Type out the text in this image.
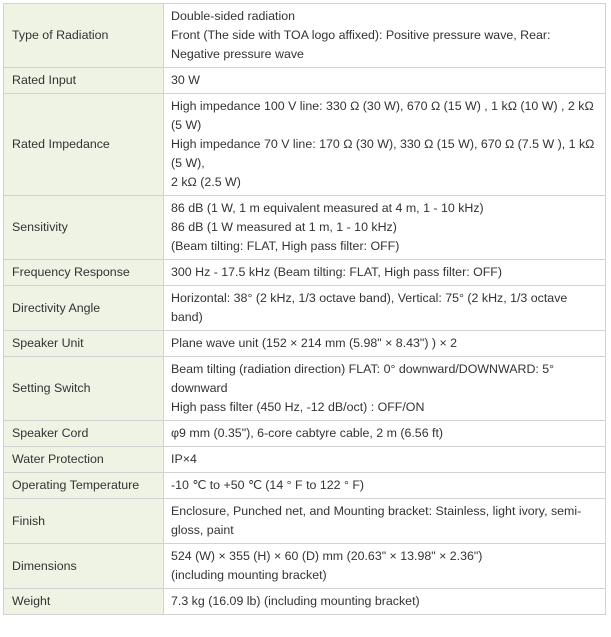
Type of Radiation	Double-sided radiation
Front (The side with TOA logo affixed): Positive pressure wave, Rear: Negative pressure wave

Rated Input	30 W

Rated Impedance	High impedance 100 V line: 330 Ω (30 W), 670 Ω (15 W) , 1 kΩ (10 W) , 2 kΩ (5 W)
High impedance 70 V line: 170 Ω (30 W), 330 Ω (15 W), 670 Ω (7.5 W ), 1 kΩ (5 W),
2 kΩ (2.5 W)

Sensitivity	86 dB (1 W, 1 m equivalent measured at 4 m, 1 - 10 kHz)
86 dB (1 W measured at 1 m, 1 - 10 kHz)
(Beam tilting: FLAT, High pass filter: OFF)

Frequency Response	300 Hz - 17.5 kHz (Beam tilting: FLAT, High pass filter: OFF)

Directivity Angle	Horizontal: 38° (2 kHz, 1/3 octave band), Vertical: 75° (2 kHz, 1/3 octave band)

Speaker Unit	Plane wave unit (152 × 214 mm (5.98" × 8.43") ) × 2

Setting Switch	Beam tilting (radiation direction) FLAT: 0° downward/DOWNWARD: 5° downward
High pass filter (450 Hz, -12 dB/oct) : OFF/ON

Speaker Cord	φ9 mm (0.35"), 6-core cabtyre cable, 2 m (6.56 ft)

Water Protection	IP×4

Operating Temperature	-10 ℃ to +50 ℃ (14 ° F to 122 ° F)

Finish	Enclosure, Punched net, and Mounting bracket: Stainless, light ivory, semi-gloss, paint

Dimensions	524 (W) × 355 (H) × 60 (D) mm (20.63" × 13.98" × 2.36")
(including mounting bracket)

Weight	7.3 kg (16.09 lb) (including mounting bracket)
